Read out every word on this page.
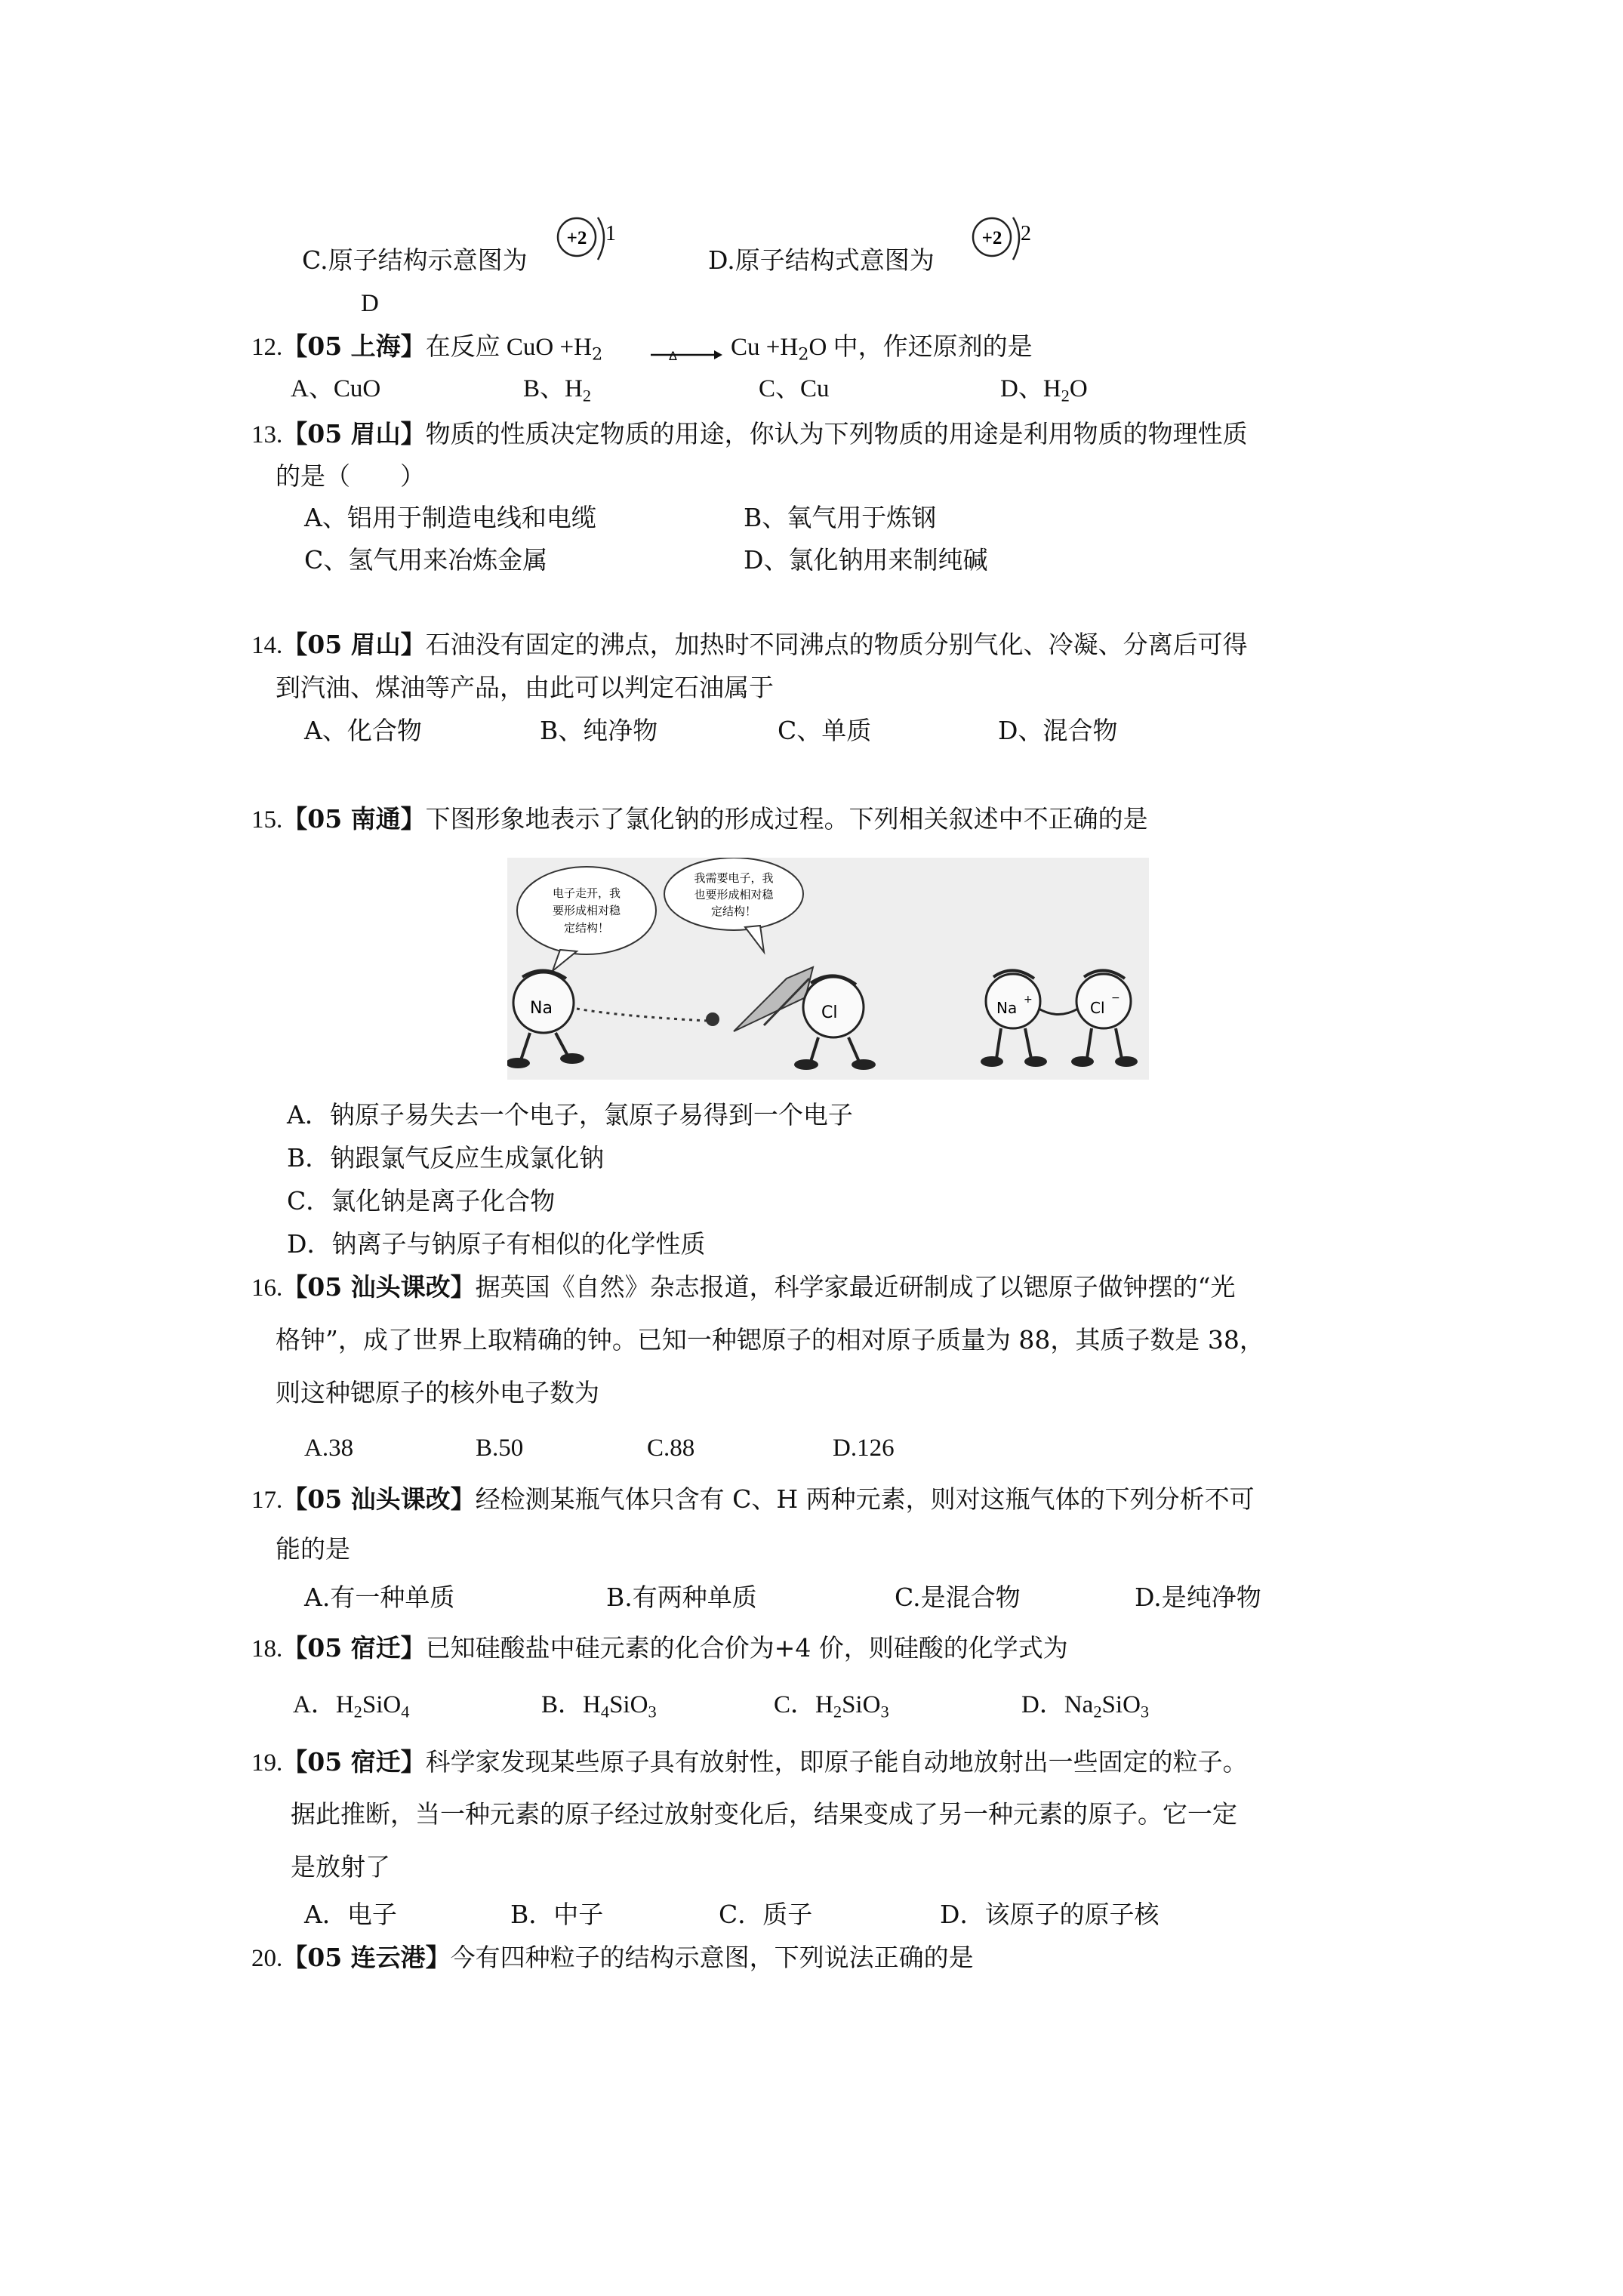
C.原子结构示意图为
+2 1
D.原子结构式意图为
+2 2
D
12.【05 上海】在反应 CuO $+H_2$	Δ $Cu +H_2O$ 中，作还原剂的是
A、CuO	B、$H_2$	C、Cu	D、$H_2O$
13.【05 眉山】物质的性质决定物质的用途，你认为下列物质的用途是利用物质的物理性质
的是（　　）
A、铝用于制造电线和电缆	B、氧气用于炼钢
C、氢气用来冶炼金属	D、氯化钠用来制纯碱
14.【05 眉山】石油没有固定的沸点，加热时不同沸点的物质分别气化、冷凝、分离后可得
到汽油、煤油等产品，由此可以判定石油属于
A、化合物	B、纯净物	C、单质	D、混合物
15.【05 南通】下图形象地表示了氯化钠的形成过程。下列相关叙述中不正确的是
电子走开，我
要形成相对稳
定结构！
我需要电子，我
也要形成相对稳
定结构！
Na	Cl	Na +	Cl
−
A．钠原子易失去一个电子，氯原子易得到一个电子
B．钠跟氯气反应生成氯化钠
C．氯化钠是离子化合物
D．钠离子与钠原子有相似的化学性质
16.【05 汕头课改】据英国《自然》杂志报道，科学家最近研制成了以锶原子做钟摆的“光
格钟”，成了世界上取精确的钟。已知一种锶原子的相对原子质量为 88，其质子数是 38，
则这种锶原子的核外电子数为
A.38	B.50	C.88	D.126
17.【05 汕头课改】经检测某瓶气体只含有 C、H 两种元素，则对这瓶气体的下列分析不可
能的是
A.有一种单质	B.有两种单质	C.是混合物	D.是纯净物
18.【05 宿迁】已知硅酸盐中硅元素的化合价为+4 价，则硅酸的化学式为
A．$H_2SiO_4$	B．$H_4SiO_3$	C．$H_2SiO_3$	D．$Na_2SiO_3$
19.【05 宿迁】科学家发现某些原子具有放射性，即原子能自动地放射出一些固定的粒子。
据此推断，当一种元素的原子经过放射变化后，结果变成了另一种元素的原子。它一定
是放射了
A．电子	B．中子	C．质子	D．该原子的原子核
20.【05 连云港】今有四种粒子的结构示意图，下列说法正确的是
